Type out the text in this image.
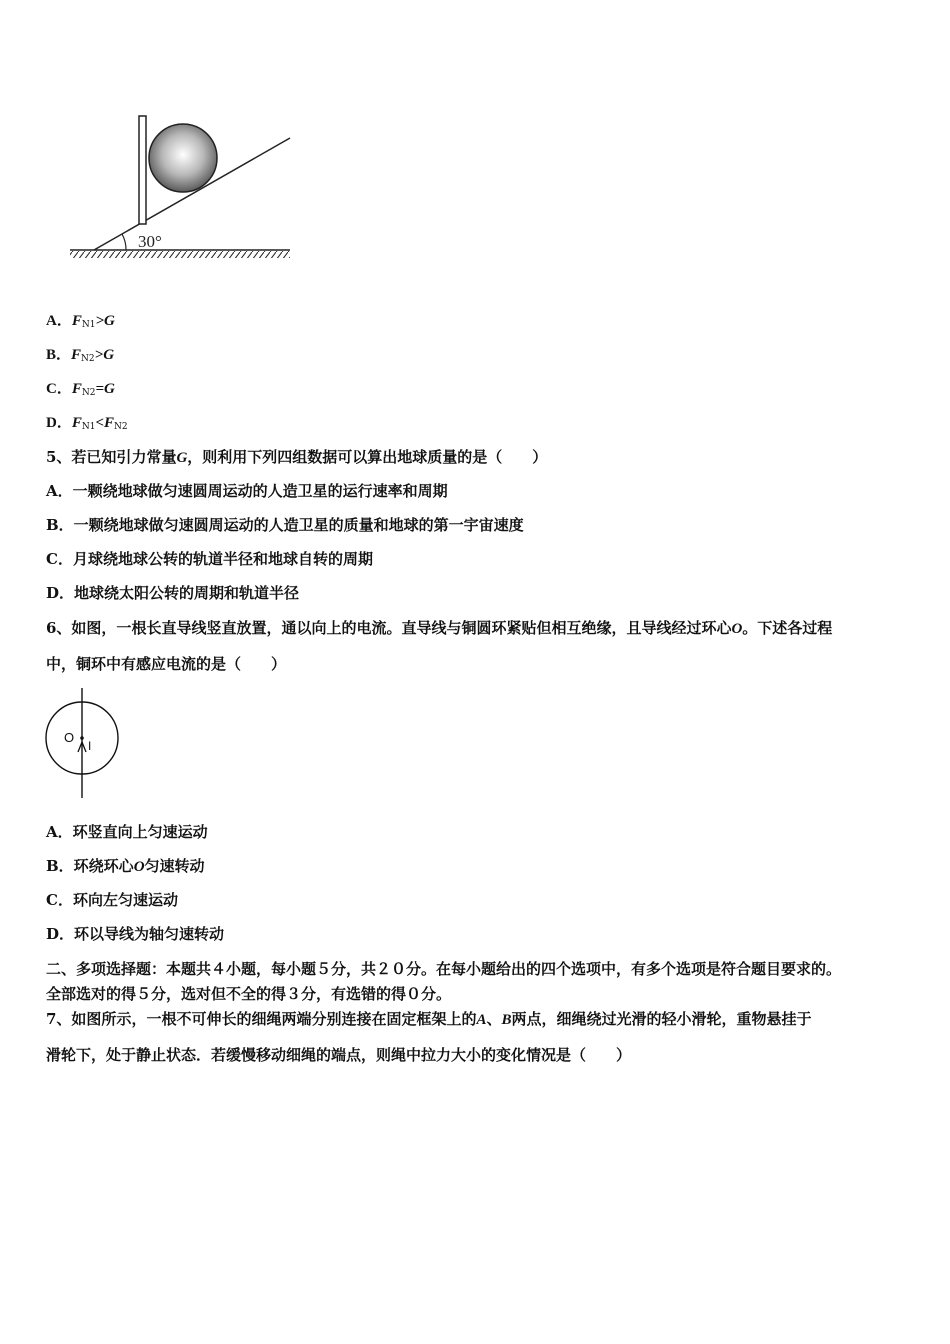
30°
A．$F_{N1}>G$
B．$F_{N2}>G$
C．$F_{N2}=G$
D．$F_{N1}<F_{N2}$
5、若已知引力常量G，则利用下列四组数据可以算出地球质量的是（　　）
A．一颗绕地球做匀速圆周运动的人造卫星的运行速率和周期
B．一颗绕地球做匀速圆周运动的人造卫星的质量和地球的第一宇宙速度
C．月球绕地球公转的轨道半径和地球自转的周期
D．地球绕太阳公转的周期和轨道半径
6、如图，一根长直导线竖直放置，通以向上的电流。直导线与铜圆环紧贴但相互绝缘，且导线经过环心O。下述各过程
中，铜环中有感应电流的是（　　）
O
I
A．环竖直向上匀速运动
B．环绕环心O匀速转动
C．环向左匀速运动
D．环以导线为轴匀速转动
二、多项选择题：本题共４小题，每小题５分，共２０分。在每小题给出的四个选项中，有多个选项是符合题目要求的。
全部选对的得５分，选对但不全的得３分，有选错的得０分。
7、如图所示，一根不可伸长的细绳两端分别连接在固定框架上的A、B两点，细绳绕过光滑的轻小滑轮，重物悬挂于
滑轮下，处于静止状态．若缓慢移动细绳的端点，则绳中拉力大小的变化情况是（　　）
